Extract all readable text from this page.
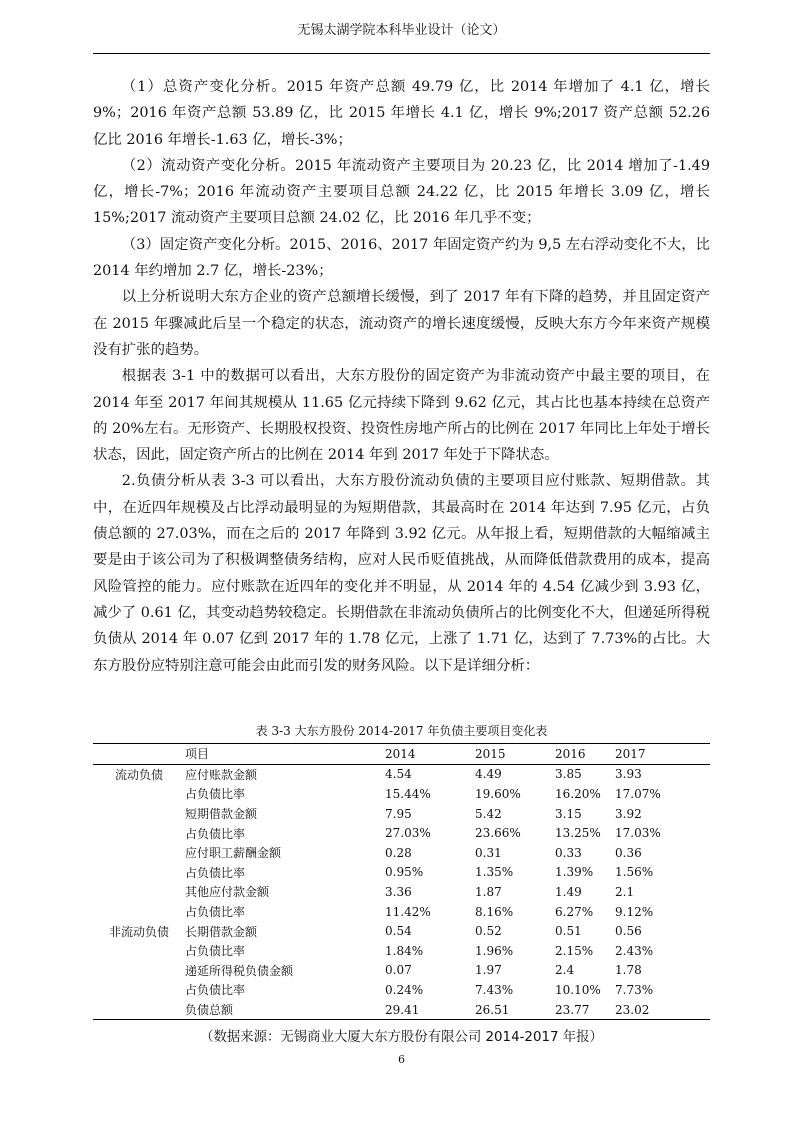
无锡太湖学院本科毕业设计（论文）

（1）总资产变化分析。2015 年资产总额 49.79 亿，比 2014 年增加了 4.1 亿，增长 9%；2016 年资产总额 53.89 亿，比 2015 年增长 4.1 亿，增长 9%;2017 资产总额 52.26 亿比 2016 年增长-1.63 亿，增长-3%；

（2）流动资产变化分析。2015 年流动资产主要项目为 20.23 亿，比 2014 增加了-1.49 亿，增长-7%；2016 年流动资产主要项目总额 24.22 亿，比 2015 年增长 3.09 亿，增长 15%;2017 流动资产主要项目总额 24.02 亿，比 2016 年几乎不变；

（3）固定资产变化分析。2015、2016、2017 年固定资产约为 9,5 左右浮动变化不大，比 2014 年约增加 2.7 亿，增长-23%；

以上分析说明大东方企业的资产总额增长缓慢，到了 2017 年有下降的趋势，并且固定资产在 2015 年骤减此后呈一个稳定的状态，流动资产的增长速度缓慢，反映大东方今年来资产规模没有扩张的趋势。

根据表 3-1 中的数据可以看出，大东方股份的固定资产为非流动资产中最主要的项目，在 2014 年至 2017 年间其规模从 11.65 亿元持续下降到 9.62 亿元，其占比也基本持续在总资产的 20%左右。无形资产、长期股权投资、投资性房地产所占的比例在 2017 年同比上年处于增长状态，因此，固定资产所占的比例在 2014 年到 2017 年处于下降状态。

2.负债分析从表 3-3 可以看出，大东方股份流动负债的主要项目应付账款、短期借款。其中，在近四年规模及占比浮动最明显的为短期借款，其最高时在 2014 年达到 7.95 亿元，占负债总额的 27.03%，而在之后的 2017 年降到 3.92 亿元。从年报上看，短期借款的大幅缩减主要是由于该公司为了积极调整债务结构，应对人民币贬值挑战，从而降低借款费用的成本，提高风险管控的能力。应付账款在近四年的变化并不明显，从 2014 年的 4.54 亿减少到 3.93 亿，减少了 0.61 亿，其变动趋势较稳定。长期借款在非流动负债所占的比例变化不大，但递延所得税负债从 2014 年 0.07 亿到 2017 年的 1.78 亿元，上涨了 1.71 亿，达到了 7.73%的占比。大东方股份应特别注意可能会由此而引发的财务风险。以下是详细分析：

表 3-3 大东方股份 2014-2017 年负债主要项目变化表
	项目	2014	2015	2016	2017
流动负债	应付账款金额	4.54	4.49	3.85	3.93
	占负债比率	15.44%	19.60%	16.20%	17.07%
	短期借款金额	7.95	5.42	3.15	3.92
	占负债比率	27.03%	23.66%	13.25%	17.03%
	应付职工薪酬金额	0.28	0.31	0.33	0.36
	占负债比率	0.95%	1.35%	1.39%	1.56%
	其他应付款金额	3.36	1.87	1.49	2.1
	占负债比率	11.42%	8.16%	6.27%	9.12%
非流动负债	长期借款金额	0.54	0.52	0.51	0.56
	占负债比率	1.84%	1.96%	2.15%	2.43%
	递延所得税负债金额	0.07	1.97	2.4	1.78
	占负债比率	0.24%	7.43%	10.10%	7.73%
	负债总额	29.41	26.51	23.77	23.02
（数据来源：无锡商业大厦大东方股份有限公司 2014-2017 年报）
6
